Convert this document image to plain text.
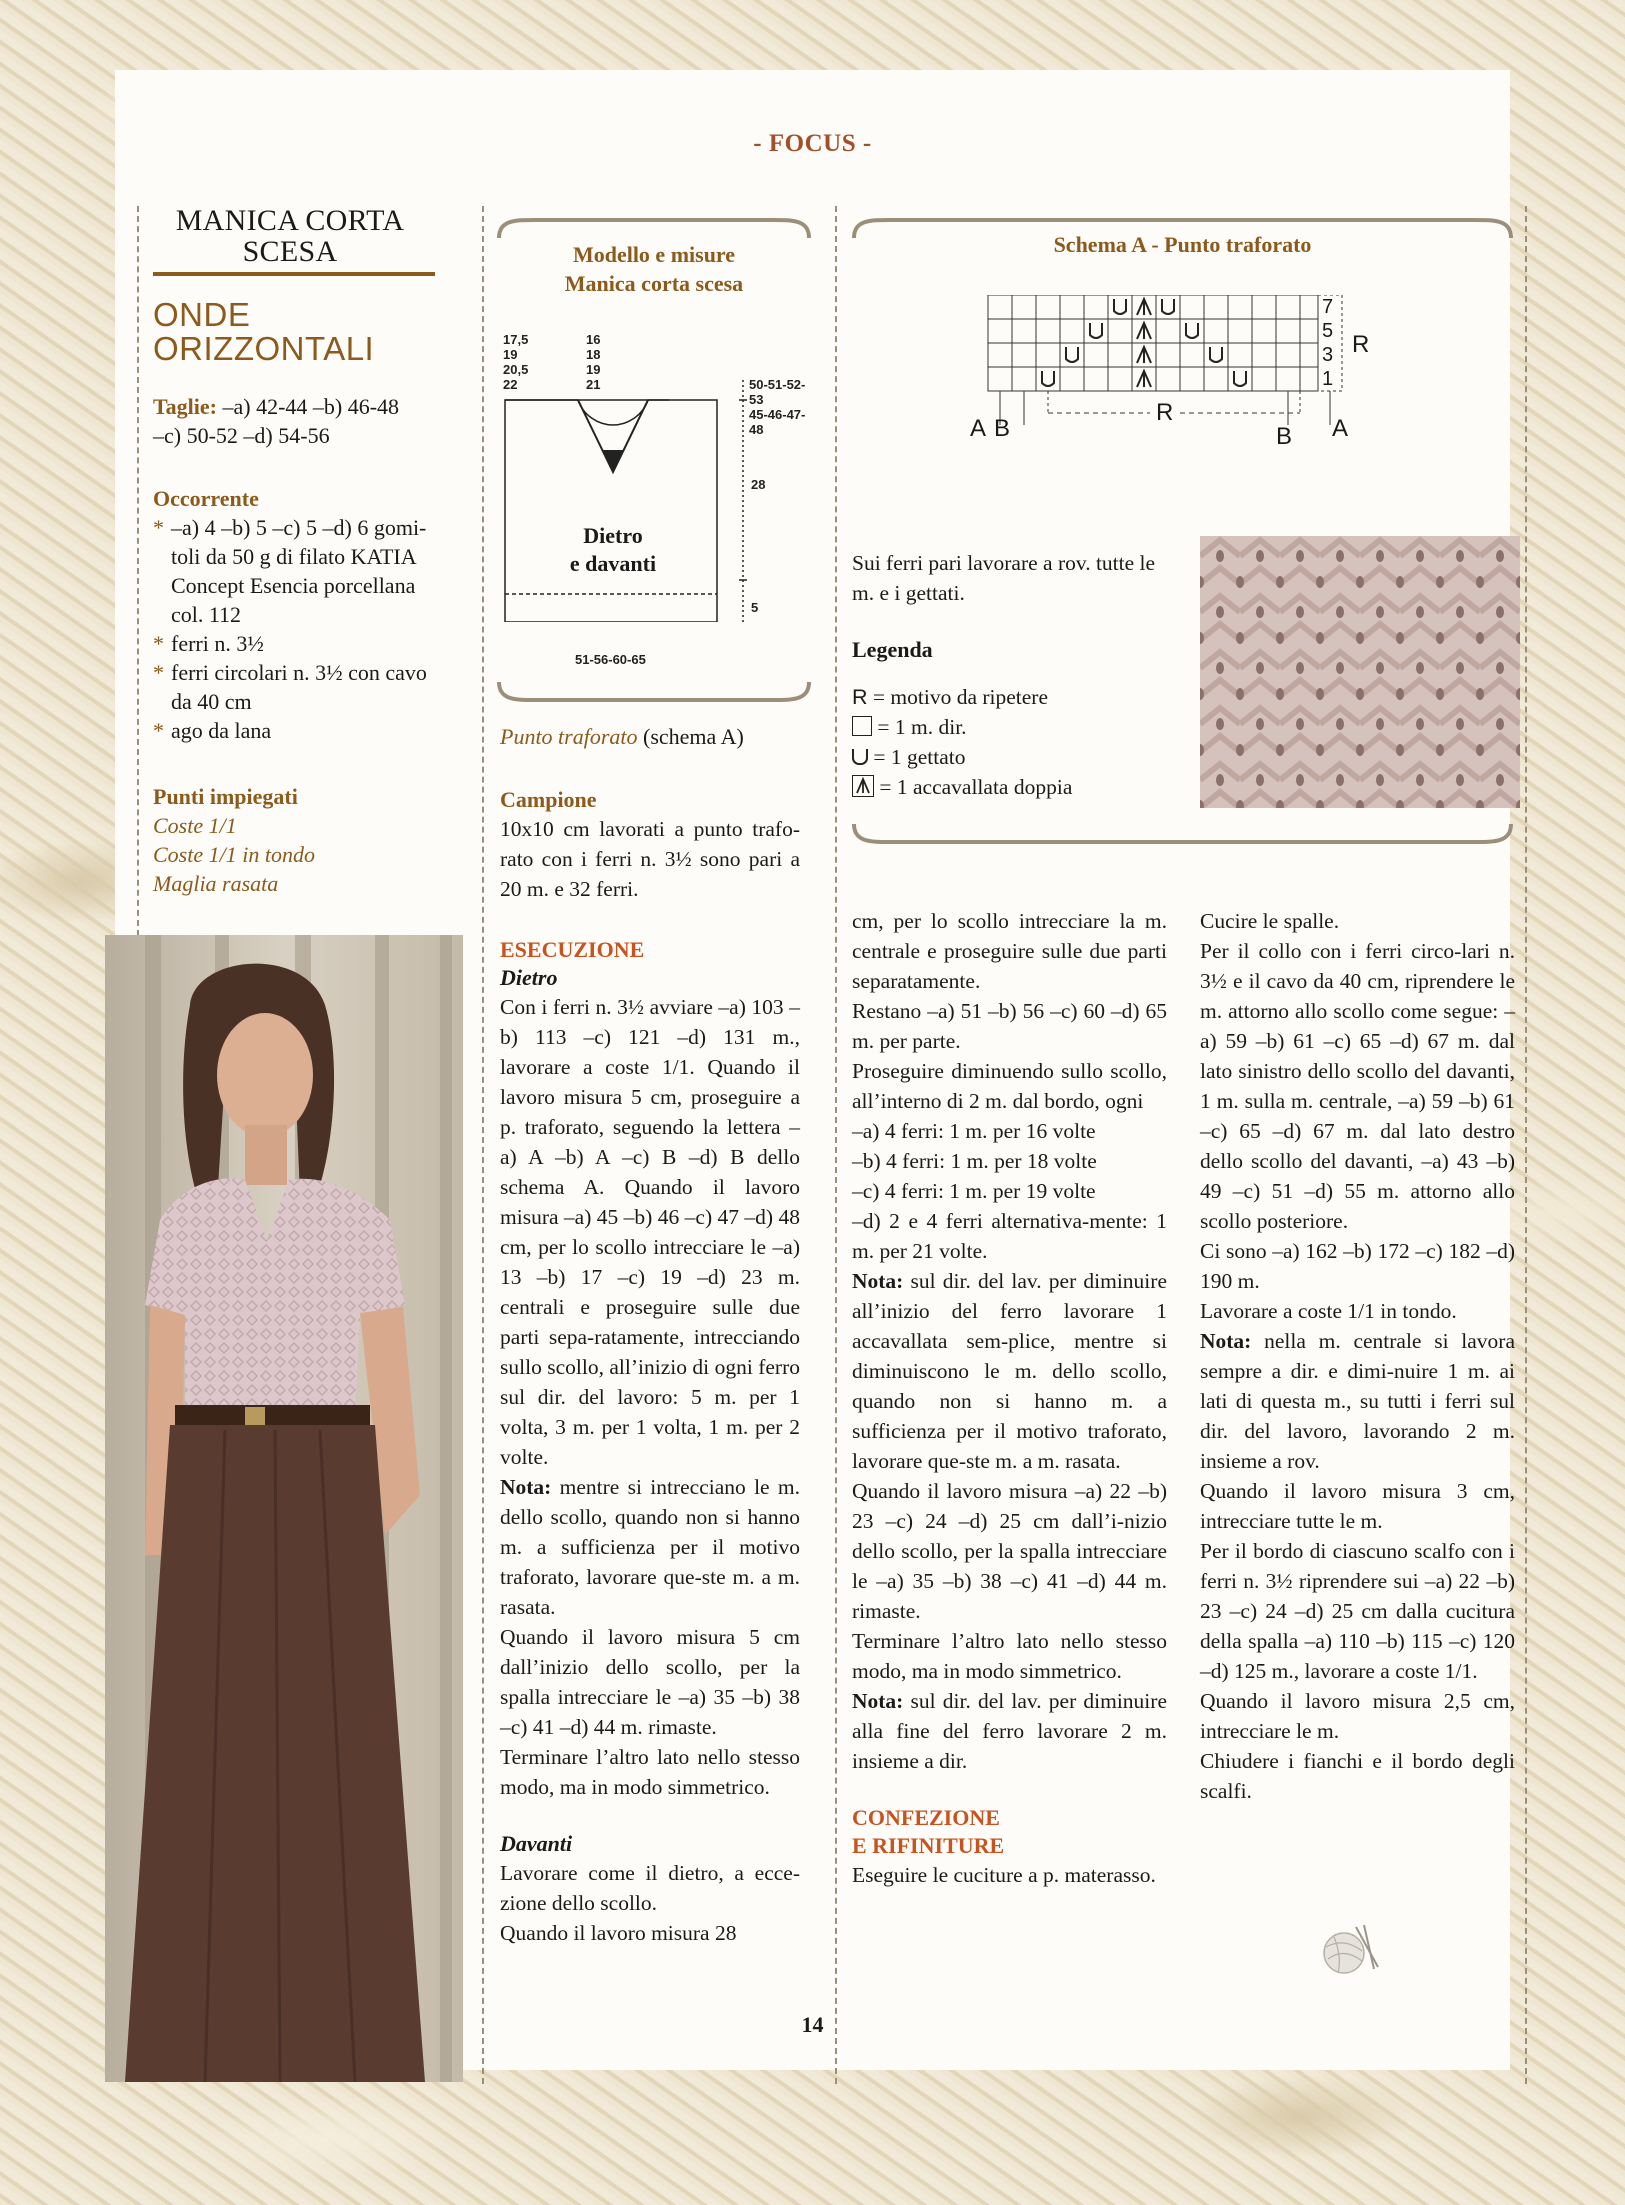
- FOCUS -
MANICA CORTA
SCESA
ONDE
ORIZZONTALI
Taglie: –a) 42-44 –b) 46-48
–c) 50-52 –d) 54-56
Occorrente
* –a) 4 –b) 5 –c) 5 –d) 6 gomi-
toli da 50 g di filato KATIA
Concept Esencia porcellana
col. 112
* ferri n. 3½
* ferri circolari n. 3½ con cavo
da 40 cm
* ago da lana
Punti impiegati
Coste 1/1
Coste 1/1 in tondo
Maglia rasata
Modello e misure
Manica corta scesa
17,5
19
20,5
22
16
18
19
21	50-51-52-53
45-46-47-48
28
5
Dietro
e davanti
51-56-60-65
Punto traforato (schema A)
Campione

10x10 cm lavorati a punto trafo-rato con i ferri n. 3½ sono pari a 20 m. e 32 ferri.

ESECUZIONE
Dietro

Con i ferri n. 3½ avviare –a) 103 –b) 113 –c) 121 –d) 131 m., lavorare a coste 1/1. Quando il lavoro misura 5 cm, proseguire a p. traforato, seguendo la lettera –a) A –b) A –c) B –d) B dello schema A. Quando il lavoro misura –a) 45 –b) 46 –c) 47 –d) 48 cm, per lo scollo intrecciare le –a) 13 –b) 17 –c) 19 –d) 23 m. centrali e proseguire sulle due parti sepa-ratamente, intrecciando sullo scollo, all’inizio di ogni ferro sul dir. del lavoro: 5 m. per 1 volta, 3 m. per 1 volta, 1 m. per 2 volte.

Nota: mentre si intrecciano le m. dello scollo, quando non si hanno m. a sufficienza per il motivo traforato, lavorare que-ste m. a m. rasata.

Quando il lavoro misura 5 cm dall’inizio dello scollo, per la spalla intrecciare le –a) 35 –b) 38 –c) 41 –d) 44 m. rimaste.

Terminare l’altro lato nello stesso modo, ma in modo simmetrico.

Davanti

Lavorare come il dietro, a ecce-zione dello scollo.

Quando il lavoro misura 28

Schema A - Punto traforato
7
5
3
1
R
R
A B	B A

Sui ferri pari lavorare a rov. tutte le m. e i gettati.

Legenda
R = motivo da ripetere
= 1 m. dir.
= 1 gettato
= 1 accavallata doppia

cm, per lo scollo intrecciare la m. centrale e proseguire sulle due parti separatamente.

Restano –a) 51 –b) 56 –c) 60 –d) 65 m. per parte.

Proseguire diminuendo sullo scollo, all’interno di 2 m. dal bordo, ogni

–a) 4 ferri: 1 m. per 16 volte

–b) 4 ferri: 1 m. per 18 volte

–c) 4 ferri: 1 m. per 19 volte

–d) 2 e 4 ferri alternativa-mente: 1 m. per 21 volte.

Nota: sul dir. del lav. per diminuire all’inizio del ferro lavorare 1 accavallata sem-plice, mentre si diminuiscono le m. dello scollo, quando non si hanno m. a sufficienza per il motivo traforato, lavorare que-ste m. a m. rasata.

Quando il lavoro misura –a) 22 –b) 23 –c) 24 –d) 25 cm dall’i-nizio dello scollo, per la spalla intrecciare le –a) 35 –b) 38 –c) 41 –d) 44 m. rimaste.

Terminare l’altro lato nello stesso modo, ma in modo simmetrico.

Nota: sul dir. del lav. per diminuire alla fine del ferro lavorare 2 m. insieme a dir.

CONFEZIONE
E RIFINITURE

Eseguire le cuciture a p. materasso.

Cucire le spalle.

Per il collo con i ferri circo-lari n. 3½ e il cavo da 40 cm, riprendere le m. attorno allo scollo come segue: –a) 59 –b) 61 –c) 65 –d) 67 m. dal lato sinistro dello scollo del davanti, 1 m. sulla m. centrale, –a) 59 –b) 61 –c) 65 –d) 67 m. dal lato destro dello scollo del davanti, –a) 43 –b) 49 –c) 51 –d) 55 m. attorno allo scollo posteriore.

Ci sono –a) 162 –b) 172 –c) 182 –d) 190 m.

Lavorare a coste 1/1 in tondo.

Nota: nella m. centrale si lavora sempre a dir. e dimi-nuire 1 m. ai lati di questa m., su tutti i ferri sul dir. del lavoro, lavorando 2 m. insieme a rov.

Quando il lavoro misura 3 cm, intrecciare tutte le m.

Per il bordo di ciascuno scalfo con i ferri n. 3½ riprendere sui –a) 22 –b) 23 –c) 24 –d) 25 cm dalla cucitura della spalla –a) 110 –b) 115 –c) 120 –d) 125 m., lavorare a coste 1/1.

Quando il lavoro misura 2,5 cm, intrecciare le m.

Chiudere i fianchi e il bordo degli scalfi.

14
